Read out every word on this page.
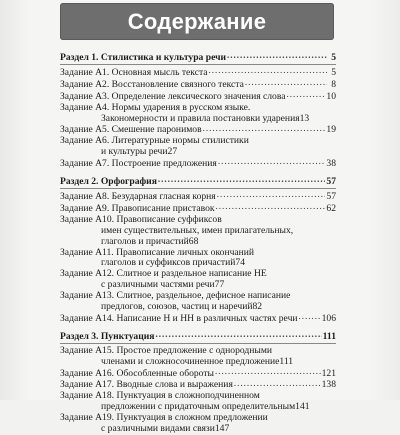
Содержание
Раздел 1. Стилистика и культура речи .....	5
Задание А1. Основная мысль текста .....	5
Задание А2. Восстановление связного текста .....	8
Задание А3. Определение лексического значения слова .....	10
Задание А4. Нормы ударения в русском языке.
Закономерности и правила постановки ударения 13
Задание А5. Смешение паронимов .....	19
Задание А6. Литературные нормы стилистики
и культуры речи 27
Задание А7. Построение предложения .....	38
Раздел 2. Орфография .....	57
Задание А8. Безударная гласная корня .....	57
Задание А9. Правописание приставок .....	62
Задание А10. Правописание суффиксов
имен существительных, имен прилагательных,
глаголов и причастий 68
Задание А11. Правописание личных окончаний
глаголов и суффиксов причастий 74
Задание А12. Слитное и раздельное написание НЕ
с различными частями речи 77
Задание А13. Слитное, раздельное, дефисное написание
предлогов, союзов, частиц и наречий 82
Задание А14. Написание Н и НН в различных частях речи .....	106
Раздел 3. Пунктуация .....	111
Задание А15. Простое предложение с однородными
членами и сложносочиненное предложение 111
Задание А16. Обособленные обороты .....	121
Задание А17. Вводные слова и выражения .....	138
Задание А18. Пунктуация в сложноподчиненном
предложении с придаточным определительным 141
Задание А19. Пунктуация в сложном предложении
с различными видами связи 147
